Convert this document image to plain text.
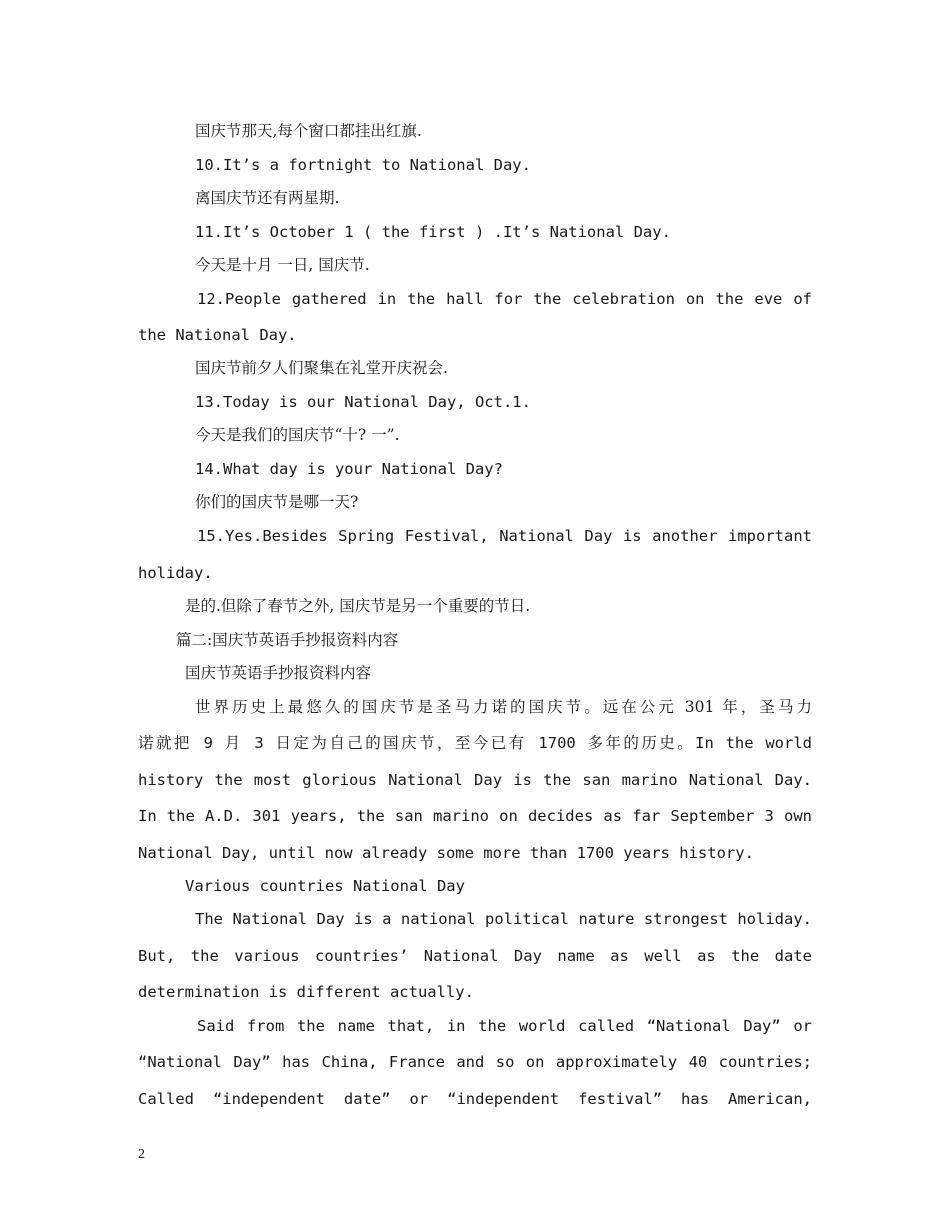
国庆节那天,每个窗口都挂出红旗.
10.It’s a fortnight to National Day.
离国庆节还有两星期.
11.It’s October 1 ( the first ) .It’s National Day.
今天是十月 一日, 国庆节.
12.People gathered in the hall for the celebration on the eve of
the National Day.
国庆节前夕人们聚集在礼堂开庆祝会.
13.Today is our National Day, Oct.1.
今天是我们的国庆节“十? 一”.
14.What day is your National Day?
你们的国庆节是哪一天?
15.Yes.Besides Spring Festival, National Day is another important
holiday.
是的.但除了春节之外, 国庆节是另一个重要的节日.
篇二:国庆节英语手抄报资料内容
国庆节英语手抄报资料内容
世界历史上最悠久的国庆节是圣马力诺的国庆节。远在公元 301 年，圣马力
诺就把 9 月 3 日定为自己的国庆节，至今已有 1700 多年的历史。In the world
history the most glorious National Day is the san marino National Day.
In the A.D. 301 years, the san marino on decides as far September 3 own
National Day, until now already some more than 1700 years history.
Various countries National Day
The National Day is a national political nature strongest holiday.
But, the various countries’ National Day name as well as the date
determination is different actually.
Said from the name that, in the world called “National Day” or
“National Day” has China, France and so on approximately 40 countries;
Called “independent date” or “independent festival” has American,
2
